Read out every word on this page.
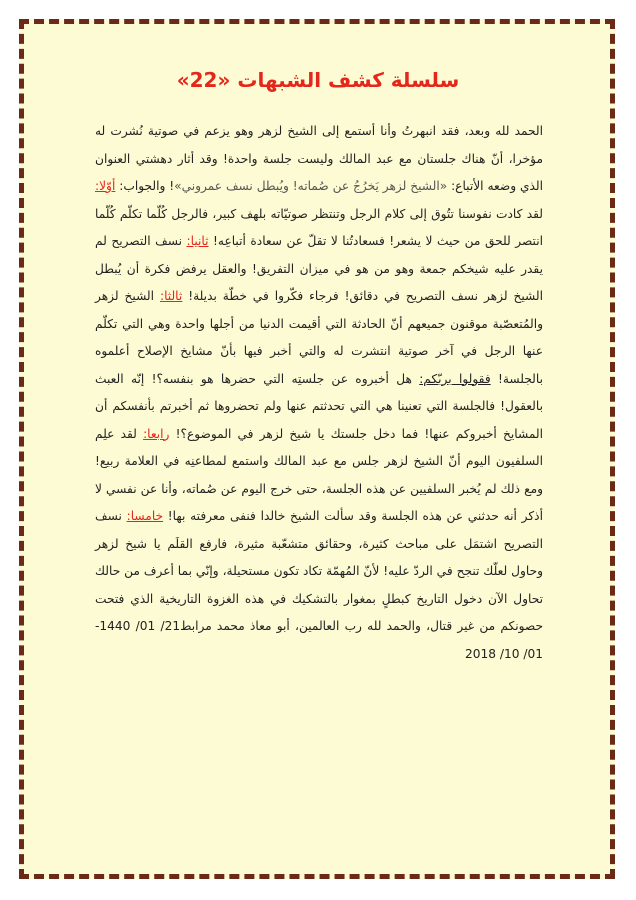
سلسلة كشف الشبهات «22»
الحمد لله وبعد، فقد انبهرتُ وأنا أستمع إلى الشيخ لزهر وهو يزعم في صوتية نُشرت له مؤخرا، أنّ هناك جلستان مع عبد المالك وليست جلسة واحدة! وقد أثار دهشتي العنوان الذي وضعه الأتباع: «الشيخ لزهر يَخرُجُ عن صُماته! ويُبطل نسف عمروني»! والجواب: أوّلا: لقد كادت نفوسنا تتُوق إلى كلام الرجل وتنتظر صوتيّاته بلهف كبير، فالرجل كُلّما تكلّم كُلّما انتصر للحق من حيث لا يشعر! فسعادتُنا لا تقلّ عن سعادة أتباعِه! ثانيا: نسف التصريح لم يقدر عليه شيخكم جمعة وهو من هو في ميزان التفريق! والعقل يرفض فكرة أن يُبطل الشيخ لزهر نسف التصريح في دقائق! فرجاء فكّروا في خطّة بديلة! ثالثا: الشيخ لزهر والمُتعصّبة موقنون جميعهم أنّ الحادثة التي أقيمت الدنيا من أجلها واحدة وهي التي تكلّم عنها الرجل في آخر صوتية انتشرت له والتي أخبر فيها بأنّ مشايخ الإصلاح أعلموه بالجلسة! فقولوا بربّكم: هل أخبروه عن جلستِه التي حضرها هو بنفسه؟! إنّه العبث بالعقول! فالجلسة التي تعنينا هي التي تحدثتم عنها ولم تحضروها ثم أخبرتم بأنفسكم أن المشايخ أخبروكم عنها! فما دخل جلستك يا شيخ لزهر في الموضوع؟! رابعا: لقد علِم السلفيون اليوم أنّ الشيخ لزهر جلس مع عبد المالك واستمع لمطاعنِه في العلامة ربيع! ومع ذلك لم يُخبر السلفيين عن هذه الجلسة، حتى خرج اليوم عن صُماته، وأنا عن نفسي لا أذكر أنه حدثني عن هذه الجلسة وقد سألت الشيخ خالدا فنفى معرفته بها! خامسا: نسف التصريح اشتمَل على مباحث كثيرة، وحقائق متشعّبة مثيرة، فارفع القلَم يا شيخ لزهر وحاول لعلّك تنجح في الردّ عليه! لأنّ المُهمّة تكاد تكون مستحيلة، وإنّي بما أعرف من حالك تحاول الآن دخول التاريخ كبطلٍ بمغوار بالتشكيك في هذه الغزوة التاريخية الذي فتحت حصونكم من غير قتال، والحمد لله رب العالمين، أبو معاذ محمد مرابط21/ 01/ 1440- 01/ 10/ 2018
